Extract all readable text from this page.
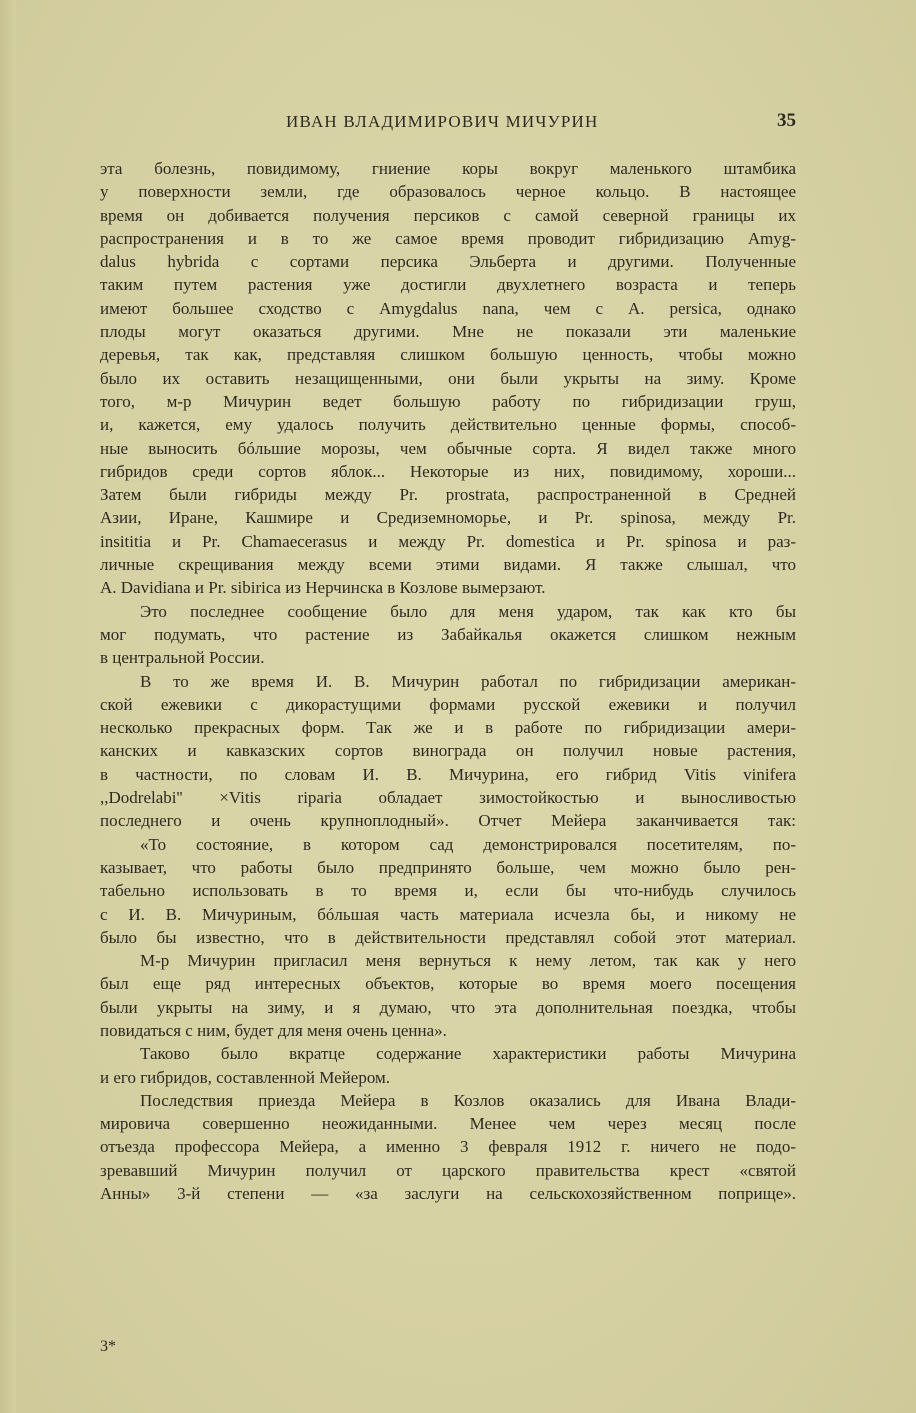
ИВАН ВЛАДИМИРОВИЧ МИЧУРИН	35
эта болезнь, повидимому, гниение коры вокруг маленького штамбика
у поверхности земли, где образовалось черное кольцо. В настоящее
время он добивается получения персиков с самой северной границы их
распространения и в то же самое время проводит гибридизацию Amyg-
dalus hybrida с сортами персика Эльберта и другими. Полученные
таким путем растения уже достигли двухлетнего возраста и теперь
имеют большее сходство с Amygdalus nana, чем с A. persica, однако
плоды могут оказаться другими. Мне не показали эти маленькие
деревья, так как, представляя слишком большую ценность, чтобы можно
было их оставить незащищенными, они были укрыты на зиму. Кроме
того, м-р Мичурин ведет большую работу по гибридизации груш,
и, кажется, ему удалось получить действительно ценные формы, способ-
ные выносить бóльшие морозы, чем обычные сорта. Я видел также много
гибридов среди сортов яблок... Некоторые из них, повидимому, хороши...
Затем были гибриды между Pr. prostrata, распространенной в Средней
Азии, Иране, Кашмире и Средиземноморье, и Pr. spinosa, между Pr.
insititia и Pr. Chamaecerasus и между Pr. domestica и Pr. spinosa и раз-
личные скрещивания между всеми этими видами. Я также слышал, что
A. Davidiana и Pr. sibirica из Нерчинска в Козлове вымерзают.
Это последнее сообщение было для меня ударом, так как кто бы
мог подумать, что растение из Забайкалья окажется слишком нежным
в центральной России.
В то же время И. В. Мичурин работал по гибридизации американ-
ской ежевики с дикорастущими формами русской ежевики и получил
несколько прекрасных форм. Так же и в работе по гибридизации амери-
канских и кавказских сортов винограда он получил новые растения,
в частности, по словам И. В. Мичурина, его гибрид Vitis vinifera
,,Dodrelabi'' ×Vitis riparia обладает зимостойкостью и выносливостью
последнего и очень крупноплодный». Отчет Мейера заканчивается так:
«То состояние, в котором сад демонстрировался посетителям, по-
казывает, что работы было предпринято больше, чем можно было рен-
табельно использовать в то время и, если бы что-нибудь случилось
с И. В. Мичуриным, бóльшая часть материала исчезла бы, и никому не
было бы известно, что в действительности представлял собой этот материал.
М-р Мичурин пригласил меня вернуться к нему летом, так как у него
был еще ряд интересных объектов, которые во время моего посещения
были укрыты на зиму, и я думаю, что эта дополнительная поездка, чтобы
повидаться с ним, будет для меня очень ценна».
Таково было вкратце содержание характеристики работы Мичурина
и его гибридов, составленной Мейером.
Последствия приезда Мейера в Козлов оказались для Ивана Влади-
мировича совершенно неожиданными. Менее чем через месяц после
отъезда профессора Мейера, а именно 3 февраля 1912 г. ничего не подо-
зревавший Мичурин получил от царского правительства крест «святой
Анны» 3-й степени — «за заслуги на сельскохозяйственном поприще».
3*
